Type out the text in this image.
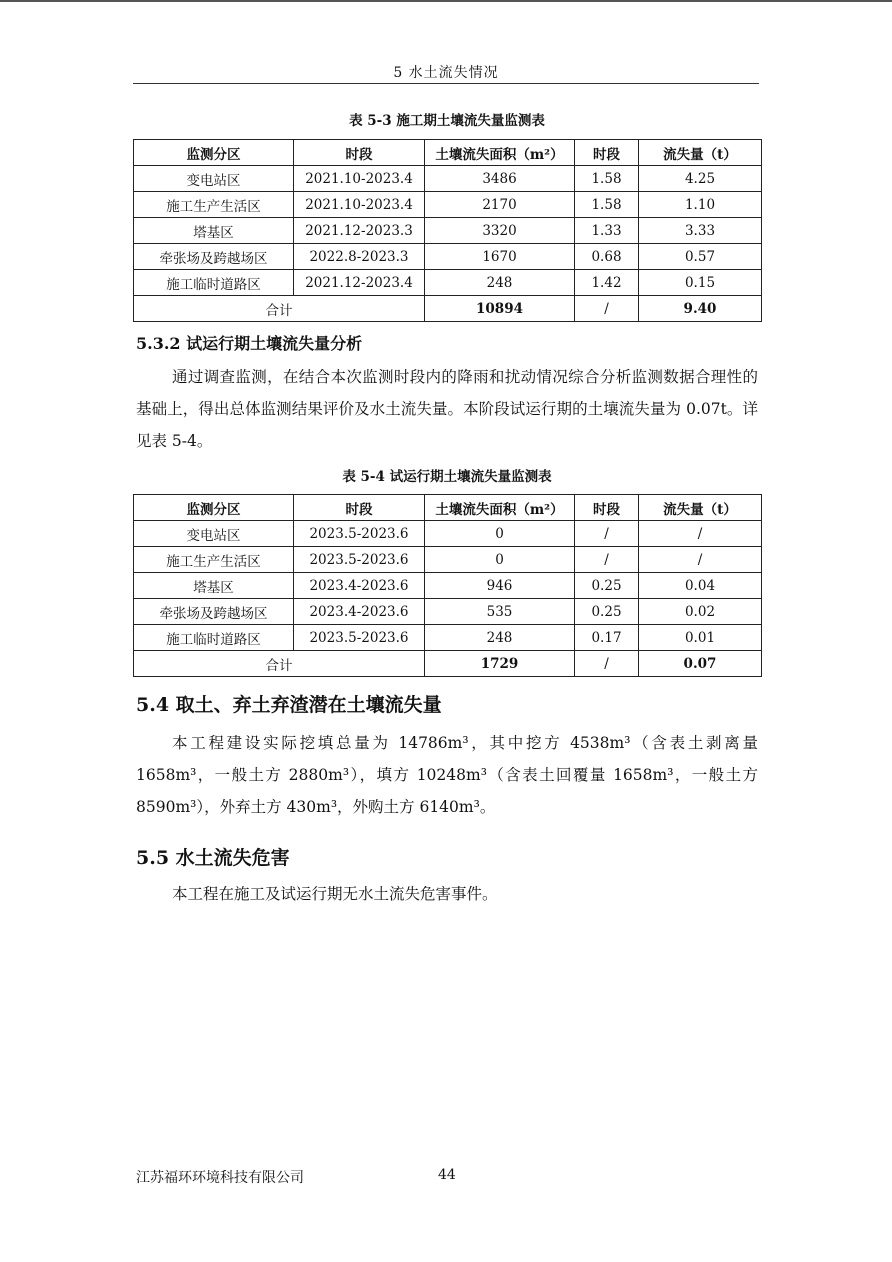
5 水土流失情况
表 5-3 施工期土壤流失量监测表
监测分区	时段	土壤流失面积（m²）	时段	流失量（t）
变电站区	2021.10-2023.4	3486	1.58	4.25
施工生产生活区	2021.10-2023.4	2170	1.58	1.10
塔基区	2021.12-2023.3	3320	1.33	3.33
牵张场及跨越场区	2022.8-2023.3	1670	0.68	0.57
施工临时道路区	2021.12-2023.4	248	1.42	0.15
合计		10894	/	9.40
5.3.2 试运行期土壤流失量分析
通过调查监测，在结合本次监测时段内的降雨和扰动情况综合分析监测数据合理性的基础上，得出总体监测结果评价及水土流失量。本阶段试运行期的土壤流失量为 0.07t。详见表 5-4。
表 5-4 试运行期土壤流失量监测表
监测分区	时段	土壤流失面积（m²）	时段	流失量（t）
变电站区	2023.5-2023.6	0	/	/
施工生产生活区	2023.5-2023.6	0	/	/
塔基区	2023.4-2023.6	946	0.25	0.04
牵张场及跨越场区	2023.4-2023.6	535	0.25	0.02
施工临时道路区	2023.5-2023.6	248	0.17	0.01
合计		1729	/	0.07
5.4 取土、弃土弃渣潜在土壤流失量
本工程建设实际挖填总量为 14786m³，其中挖方 4538m³（含表土剥离量 1658m³，一般土方 2880m³），填方 10248m³（含表土回覆量 1658m³，一般土方 8590m³），外弃土方 430m³，外购土方 6140m³。
5.5 水土流失危害
本工程在施工及试运行期无水土流失危害事件。
江苏福环环境科技有限公司	44
